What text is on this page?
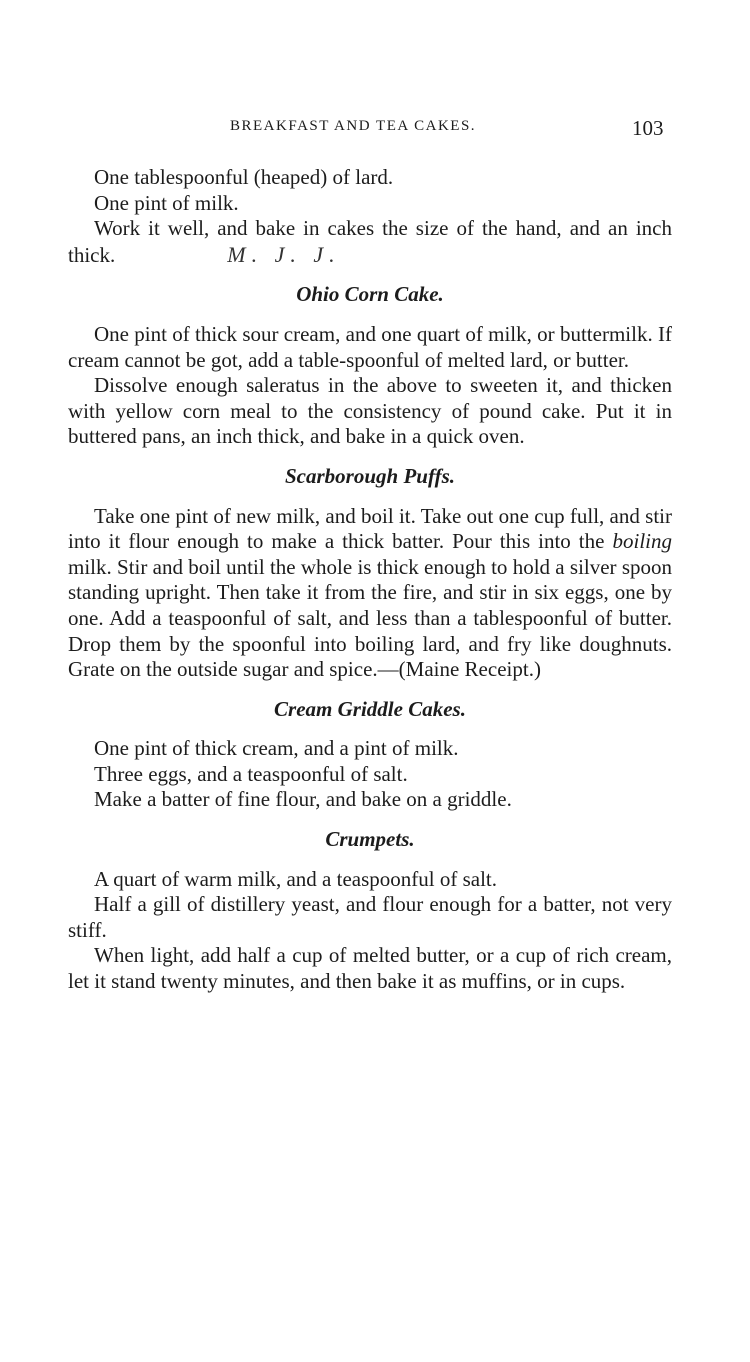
BREAKFAST AND TEA CAKES.	103

One tablespoonful (heaped) of lard.

One pint of milk.

Work it well, and bake in cakes the size of the hand, and an inch thick.	M. J. J.

Ohio Corn Cake.

One pint of thick sour cream, and one quart of milk, or buttermilk. If cream cannot be got, add a table-spoonful of melted lard, or butter.

Dissolve enough saleratus in the above to sweeten it, and thicken with yellow corn meal to the consistency of pound cake. Put it in buttered pans, an inch thick, and bake in a quick oven.

Scarborough Puffs.

Take one pint of new milk, and boil it. Take out one cup full, and stir into it flour enough to make a thick batter. Pour this into the boiling milk. Stir and boil until the whole is thick enough to hold a silver spoon standing upright. Then take it from the fire, and stir in six eggs, one by one. Add a teaspoonful of salt, and less than a tablespoonful of butter. Drop them by the spoonful into boiling lard, and fry like doughnuts. Grate on the outside sugar and spice.—(Maine Receipt.)

Cream Griddle Cakes.

One pint of thick cream, and a pint of milk.

Three eggs, and a teaspoonful of salt.

Make a batter of fine flour, and bake on a griddle.

Crumpets.

A quart of warm milk, and a teaspoonful of salt.

Half a gill of distillery yeast, and flour enough for a batter, not very stiff.

When light, add half a cup of melted butter, or a cup of rich cream, let it stand twenty minutes, and then bake it as muffins, or in cups.
